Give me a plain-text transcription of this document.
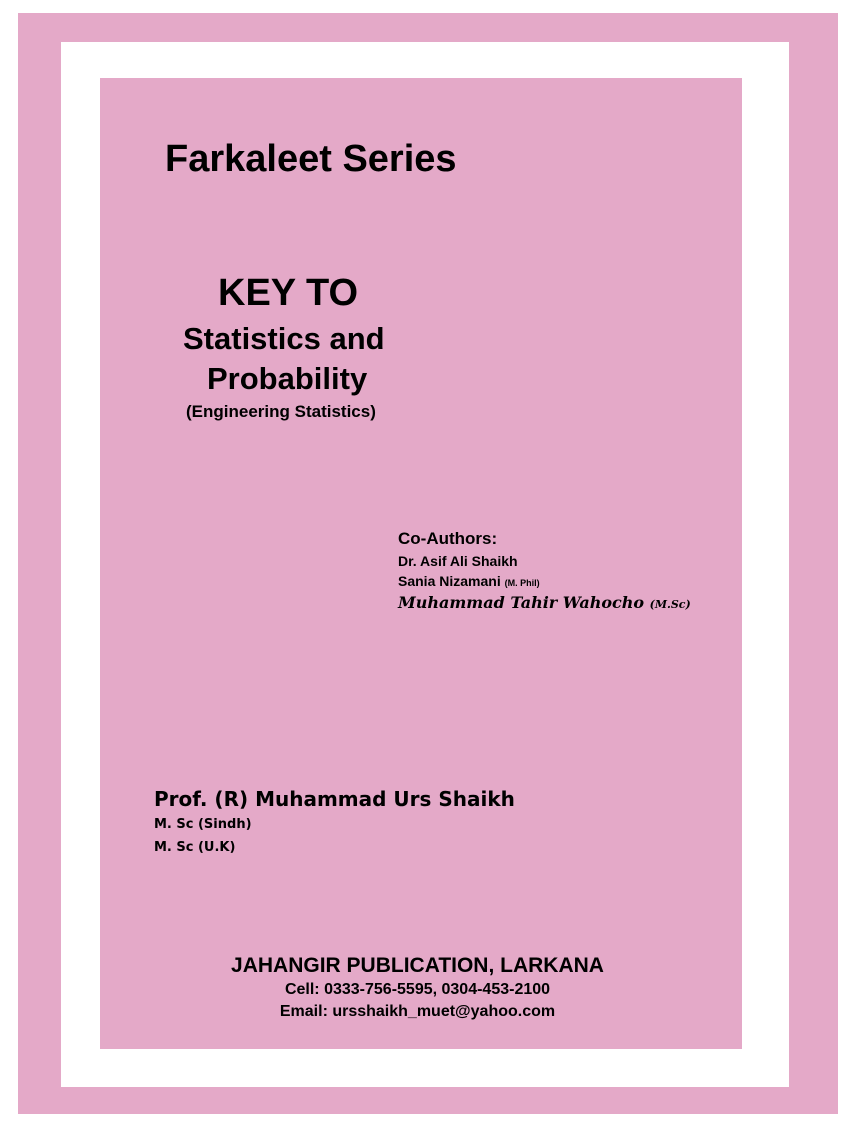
Farkaleet Series
KEY TO
Statistics and
Probability
(Engineering Statistics)
Co-Authors:
Dr. Asif Ali Shaikh
Sania Nizamani (M. Phil)
Muhammad Tahir Wahocho (M.Sc)
Prof. (R) Muhammad Urs Shaikh
M. Sc (Sindh)
M. Sc (U.K)
JAHANGIR PUBLICATION, LARKANA
Cell: 0333-756-5595, 0304-453-2100
Email: ursshaikh_muet@yahoo.com
